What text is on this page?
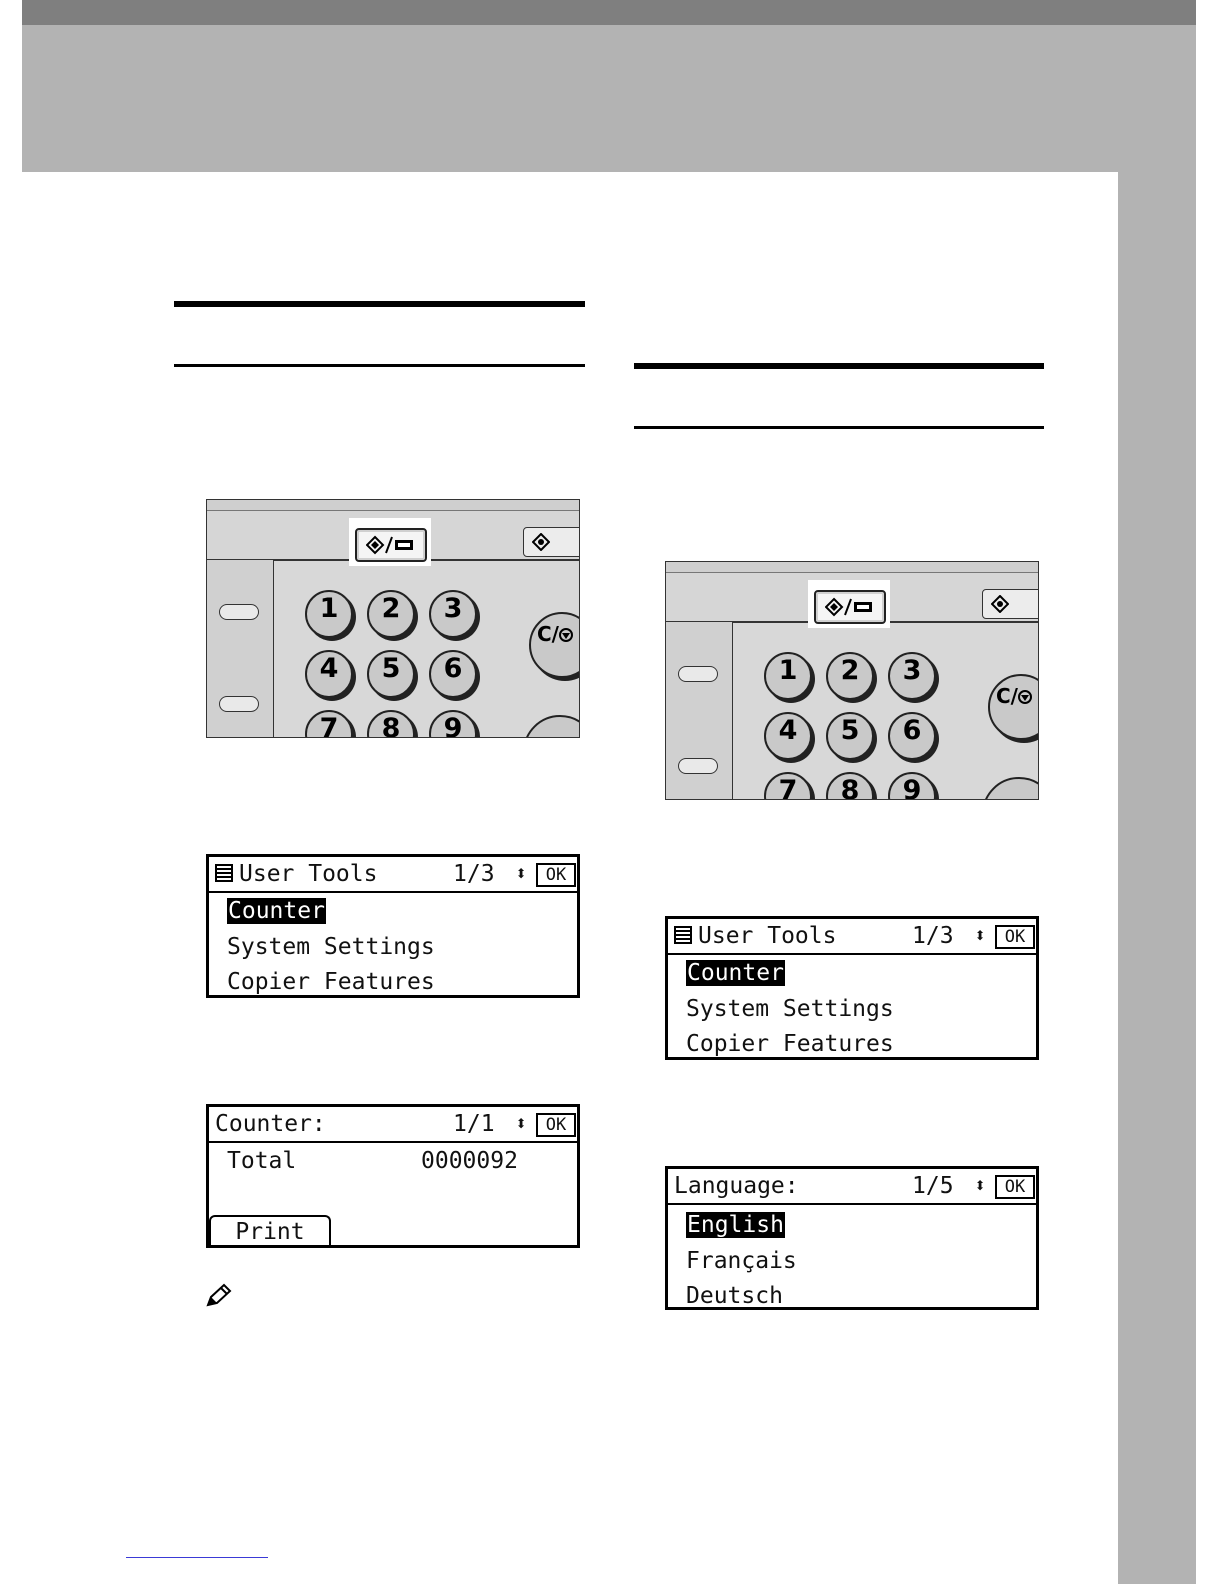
1 2 3
4 5 6
7 8 9
C/
1 2 3
4 5 6
7 8 9
C/
User Tools	1/3 ⬍	OK
Counter
System Settings
Copier Features
Counter:	1/1 ⬍	OK
Total	0000092
Print
User Tools	1/3 ⬍	OK
Counter
System Settings
Copier Features
Language:	1/5 ⬍	OK
English
Français
Deutsch
